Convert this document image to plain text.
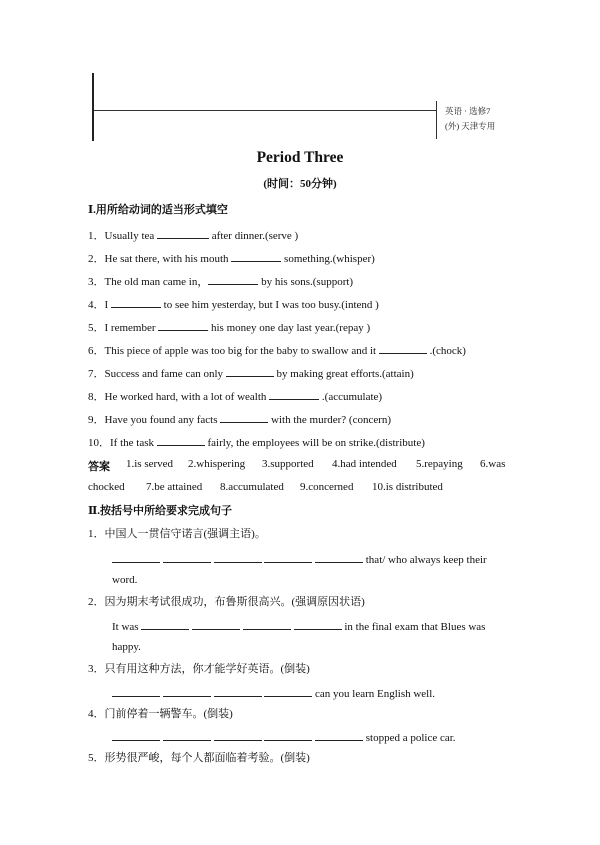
英语 · 选修7
(外) 天津专用
Period Three
(时间：50分钟)
Ⅰ.用所给动词的适当形式填空
1．Usually tea	after dinner.(serve )
2．He sat there, with his mouth	something.(whisper)
3．The old man came in，	by his sons.(support)
4．I	to see him yesterday, but I was too busy.(intend )
5．I remember	his money one day last year.(repay )
6．This piece of apple was too big for the baby to swallow and it	.(chock)
7．Success and fame can only	by making great efforts.(attain)
8．He worked hard, with a lot of wealth	.(accumulate)
9．Have you found any facts	with the murder? (concern)
10．If the task	fairly, the employees will be on strike.(distribute)
答案 1.is served 2.whispering 3.supported 4.had intended 5.repaying 6.was
chocked 7.be attained 8.accumulated 9.concerned 10.is distributed
Ⅱ.按括号中所给要求完成句子
1．中国人一贯信守诺言(强调主语)。
that/ who always keep their
word.
2．因为期末考试很成功，布鲁斯很高兴。(强调原因状语)
It was	in the final exam that Blues was
happy.
3．只有用这种方法，你才能学好英语。(倒装)
can you learn English well.
4．门前停着一辆警车。(倒装)
stopped a police car.
5．形势很严峻，每个人都面临着考验。(倒装)
